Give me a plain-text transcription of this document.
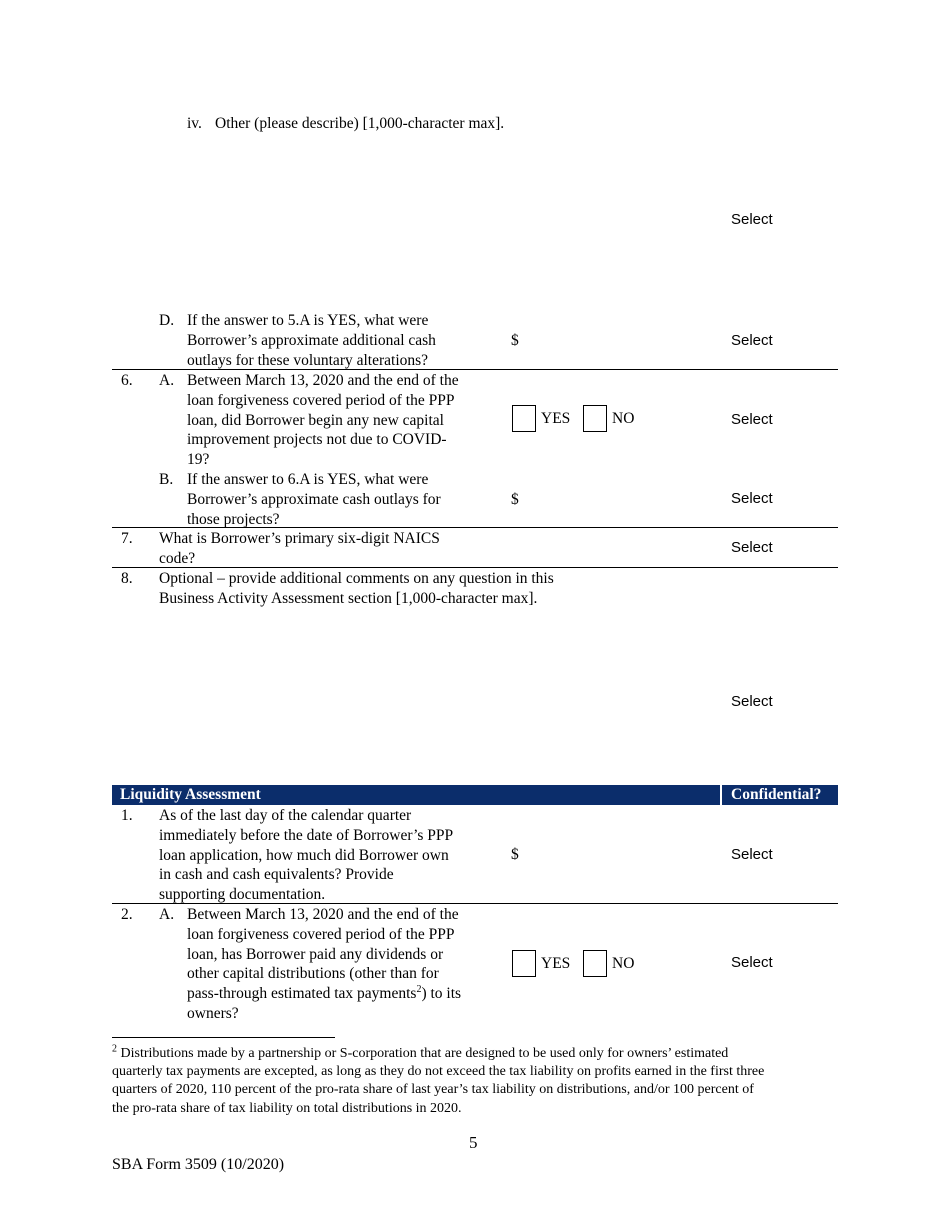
iv. Other (please describe) [1,000-character max].
Select
D. If the answer to 5.A is YES, what were
Borrower’s approximate additional cash
outlays for these voluntary alterations?
$	Select
6. A. Between March 13, 2020 and the end of the
loan forgiveness covered period of the PPP
loan, did Borrower begin any new capital
improvement projects not due to COVID-
19?
YES	NO	Select
B. If the answer to 6.A is YES, what were
Borrower’s approximate cash outlays for
those projects?
$	Select
7. What is Borrower’s primary six-digit NAICS
code?
Select
8. Optional – provide additional comments on any question in this
Business Activity Assessment section [1,000-character max].
Select
Liquidity Assessment	Confidential?
1. As of the last day of the calendar quarter
immediately before the date of Borrower’s PPP
loan application, how much did Borrower own
in cash and cash equivalents? Provide
supporting documentation.
$	Select
2. A. Between March 13, 2020 and the end of the
loan forgiveness covered period of the PPP
loan, has Borrower paid any dividends or
other capital distributions (other than for
pass-through estimated tax payments$^2$) to its
owners?
YES	NO	Select
$^2$ Distributions made by a partnership or S-corporation that are designed to be used only for owners’ estimated
quarterly tax payments are excepted, as long as they do not exceed the tax liability on profits earned in the first three
quarters of 2020, 110 percent of the pro-rata share of last year’s tax liability on distributions, and/or 100 percent of
the pro-rata share of tax liability on total distributions in 2020.
5
SBA Form 3509 (10/2020)
